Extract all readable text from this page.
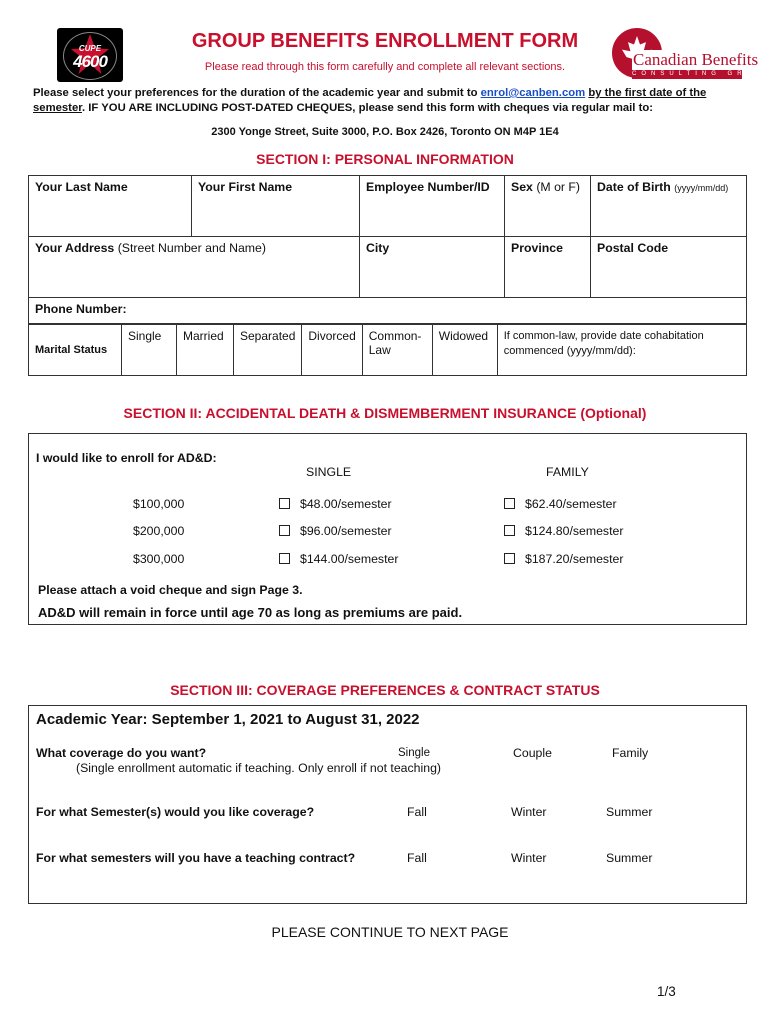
CUPE
4600	Canadian Benefits
CONSULTING GROUP
GROUP BENEFITS ENROLLMENT FORM
Please read through this form carefully and complete all relevant sections.
Please select your preferences for the duration of the academic year and submit to enrol@canben.com by the first date of the semester. IF YOU ARE INCLUDING POST-DATED CHEQUES, please send this form with cheques via regular mail to:
2300 Yonge Street, Suite 3000, P.O. Box 2426, Toronto ON M4P 1E4
SECTION I: PERSONAL INFORMATION
Your Last Name	Your First Name	Employee Number/ID	Sex (M or F)	Date of Birth (yyyy/mm/dd)
Your Address (Street Number and Name)		City	Province	Postal Code
Phone Number:				
Marital Status	Single	Married	Separated	Divorced	Common-Law	Widowed	If common-law, provide date cohabitation commenced (yyyy/mm/dd):
SECTION II: ACCIDENTAL DEATH & DISMEMBERMENT INSURANCE (Optional)
I would like to enroll for AD&D:
SINGLE	FAMILY
$100,000	$48.00/semester	$62.40/semester
$200,000	$96.00/semester	$124.80/semester
$300,000	$144.00/semester	$187.20/semester
Please attach a void cheque and sign Page 3.
AD&D will remain in force until age 70 as long as premiums are paid.
SECTION III: COVERAGE PREFERENCES & CONTRACT STATUS
Academic Year: September 1, 2021 to August 31, 2022
What coverage do you want?
(Single enrollment automatic if teaching. Only enroll if not teaching)
Single	Couple	Family
For what Semester(s) would you like coverage?	Fall	Winter	Summer
For what semesters will you have a teaching contract?	Fall	Winter	Summer
PLEASE CONTINUE TO NEXT PAGE
1/3
